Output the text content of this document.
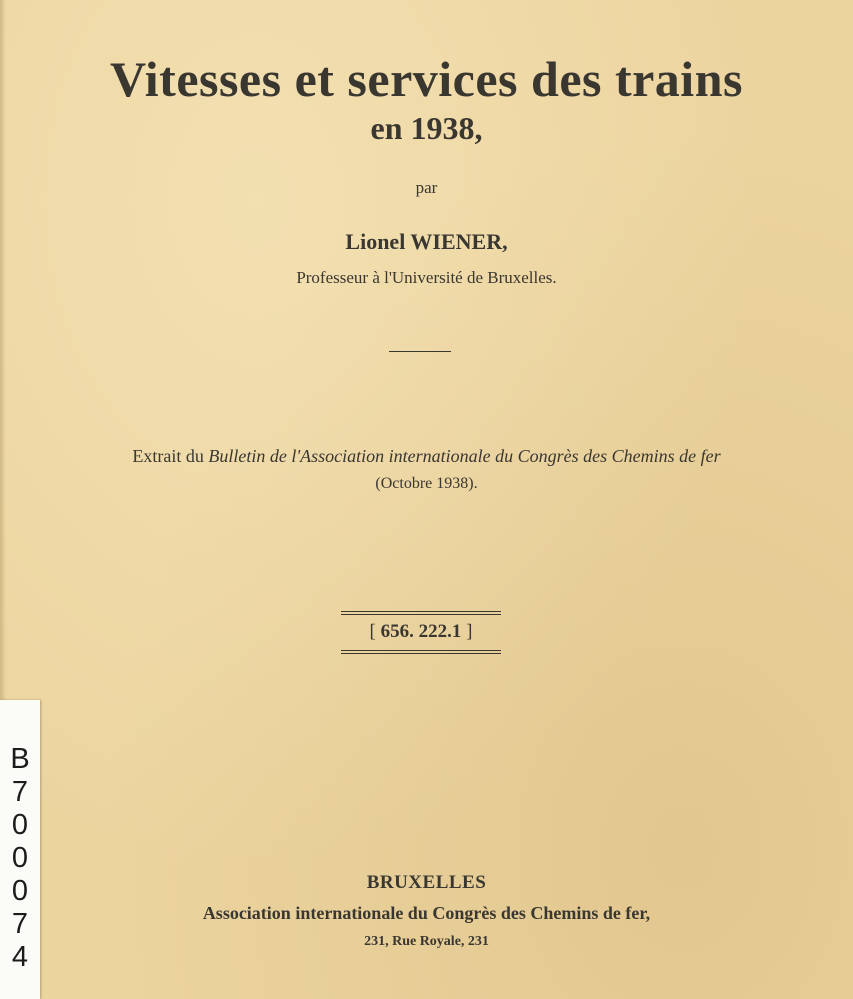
Vitesses et services des trains
en 1938,
par
Lionel WIENER,
Professeur à l'Université de Bruxelles.
Extrait du Bulletin de l'Association internationale du Congrès des Chemins de fer
(Octobre 1938).
[ 656. 222.1 ]
BRUXELLES
Association internationale du Congrès des Chemins de fer,
231, Rue Royale, 231
B
7
0
0
0
7
4
